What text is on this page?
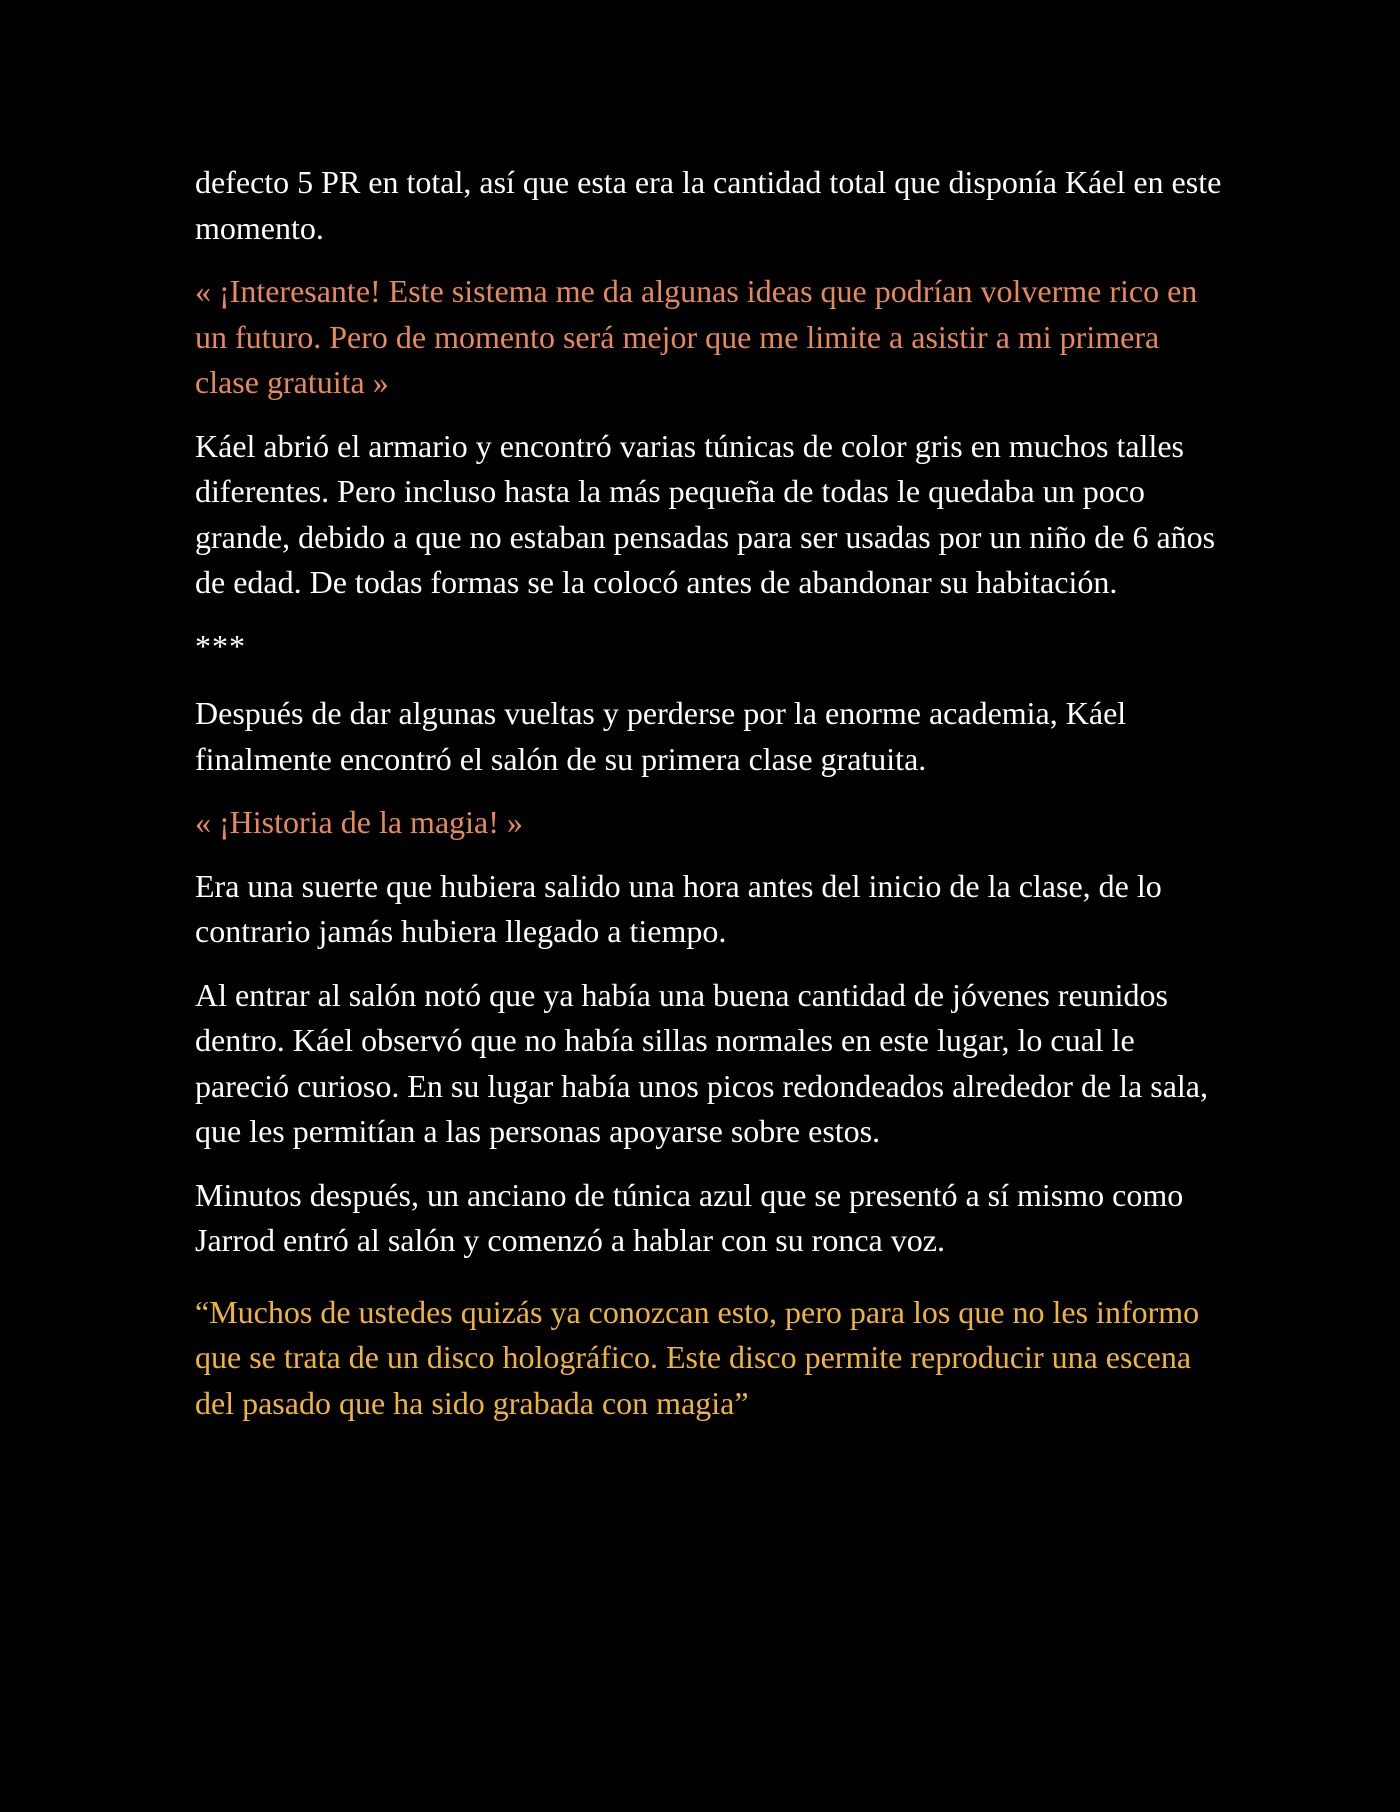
defecto 5 PR en total, así que esta era la cantidad total que disponía Káel en este momento.

« ¡Interesante! Este sistema me da algunas ideas que podrían volverme rico en un futuro. Pero de momento será mejor que me limite a asistir a mi primera clase gratuita »

Káel abrió el armario y encontró varias túnicas de color gris en muchos talles diferentes. Pero incluso hasta la más pequeña de todas le quedaba un poco grande, debido a que no estaban pensadas para ser usadas por un niño de 6 años de edad. De todas formas se la colocó antes de abandonar su habitación.

***

Después de dar algunas vueltas y perderse por la enorme academia, Káel finalmente encontró el salón de su primera clase gratuita.

« ¡Historia de la magia! »

Era una suerte que hubiera salido una hora antes del inicio de la clase, de lo contrario jamás hubiera llegado a tiempo.

Al entrar al salón notó que ya había una buena cantidad de jóvenes reunidos dentro. Káel observó que no había sillas normales en este lugar, lo cual le pareció curioso. En su lugar había unos picos redondeados alrededor de la sala, que les permitían a las personas apoyarse sobre estos.

Minutos después, un anciano de túnica azul que se presentó a sí mismo como Jarrod entró al salón y comenzó a hablar con su ronca voz.

“Muchos de ustedes quizás ya conozcan esto, pero para los que no les informo que se trata de un disco holográfico. Este disco permite reproducir una escena del pasado que ha sido grabada con magia”
